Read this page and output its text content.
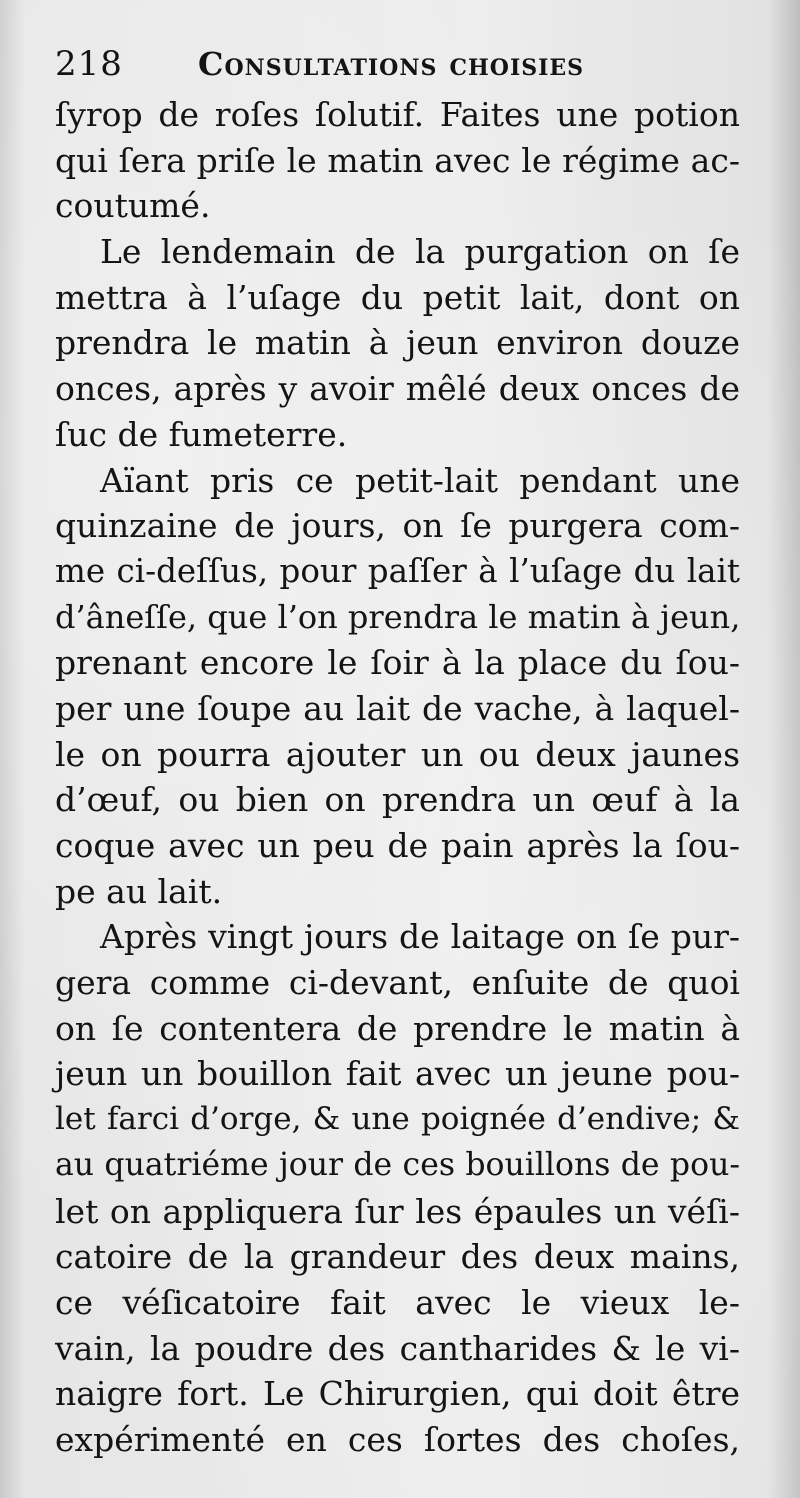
218 Consultations choisies
ſyrop de roſes ſolutif. Faites une potion
qui ſera priſe le matin avec le régime ac-
coutumé.
Le lendemain de la purgation on ſe
mettra à l’uſage du petit lait, dont on
prendra le matin à jeun environ douze
onces, après y avoir mêlé deux onces de
ſuc de fumeterre.
Aïant pris ce petit-lait pendant une
quinzaine de jours, on ſe purgera com-
me ci-deſſus, pour paſſer à l’uſage du lait
d’âneſſe, que l’on prendra le matin à jeun,
prenant encore le ſoir à la place du ſou-
per une ſoupe au lait de vache, à laquel-
le on pourra ajouter un ou deux jaunes
d’œuf, ou bien on prendra un œuf à la
coque avec un peu de pain après la ſou-
pe au lait.
Après vingt jours de laitage on ſe pur-
gera comme ci-devant, enſuite de quoi
on ſe contentera de prendre le matin à
jeun un bouillon fait avec un jeune pou-
let farci d’orge, & une poignée d’endive; &
au quatriéme jour de ces bouillons de pou-
let on appliquera ſur les épaules un véſi-
catoire de la grandeur des deux mains,
ce véſicatoire fait avec le vieux le-
vain, la poudre des cantharides & le vi-
naigre fort. Le Chirurgien, qui doit être
expérimenté en ces ſortes des choſes,
